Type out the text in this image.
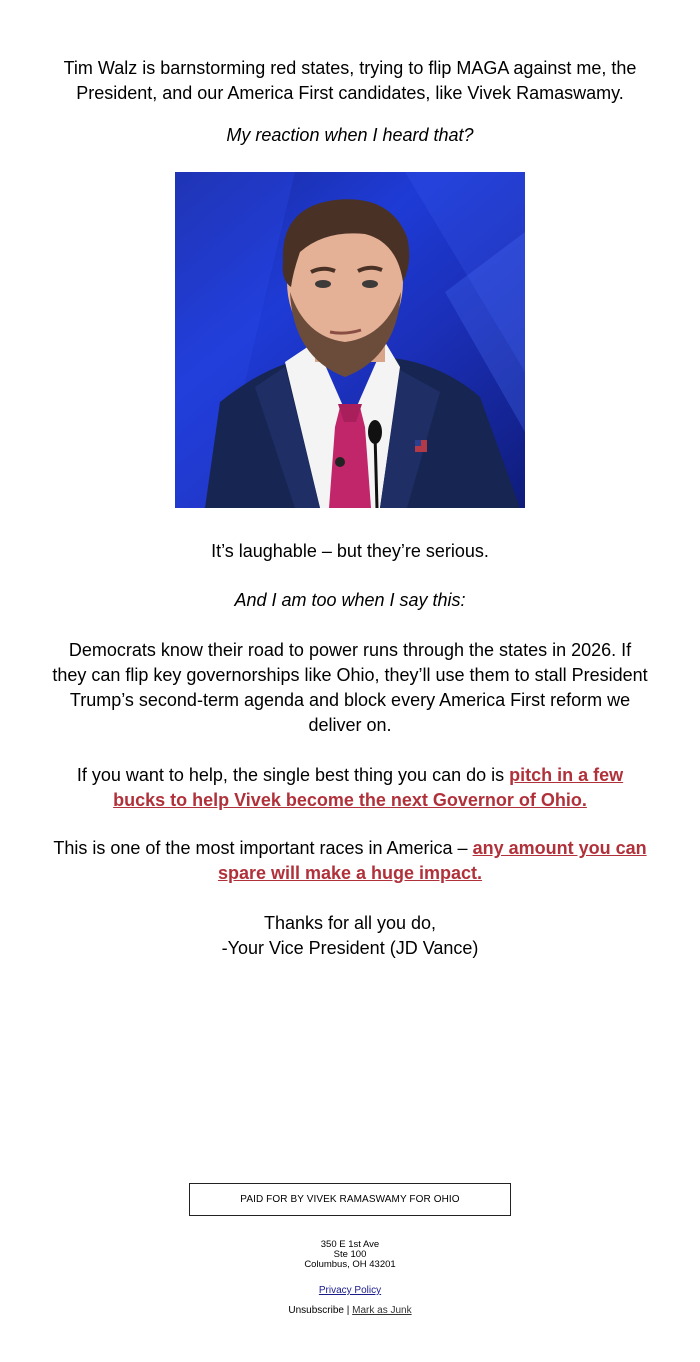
Tim Walz is barnstorming red states, trying to flip MAGA against me, the President, and our America First candidates, like Vivek Ramaswamy.

My reaction when I heard that?

It’s laughable – but they’re serious.

And I am too when I say this:

Democrats know their road to power runs through the states in 2026. If they can flip key governorships like Ohio, they’ll use them to stall President Trump’s second-term agenda and block every America First reform we deliver on.

If you want to help, the single best thing you can do is pitch in a few bucks to help Vivek become the next Governor of Ohio.

This is one of the most important races in America – any amount you can spare will make a huge impact.

Thanks for all you do,

-Your Vice President (JD Vance)

PAID FOR BY VIVEK RAMASWAMY FOR OHIO
350 E 1st Ave
Ste 100
Columbus, OH 43201
Privacy Policy
Unsubscribe | Mark as Junk
